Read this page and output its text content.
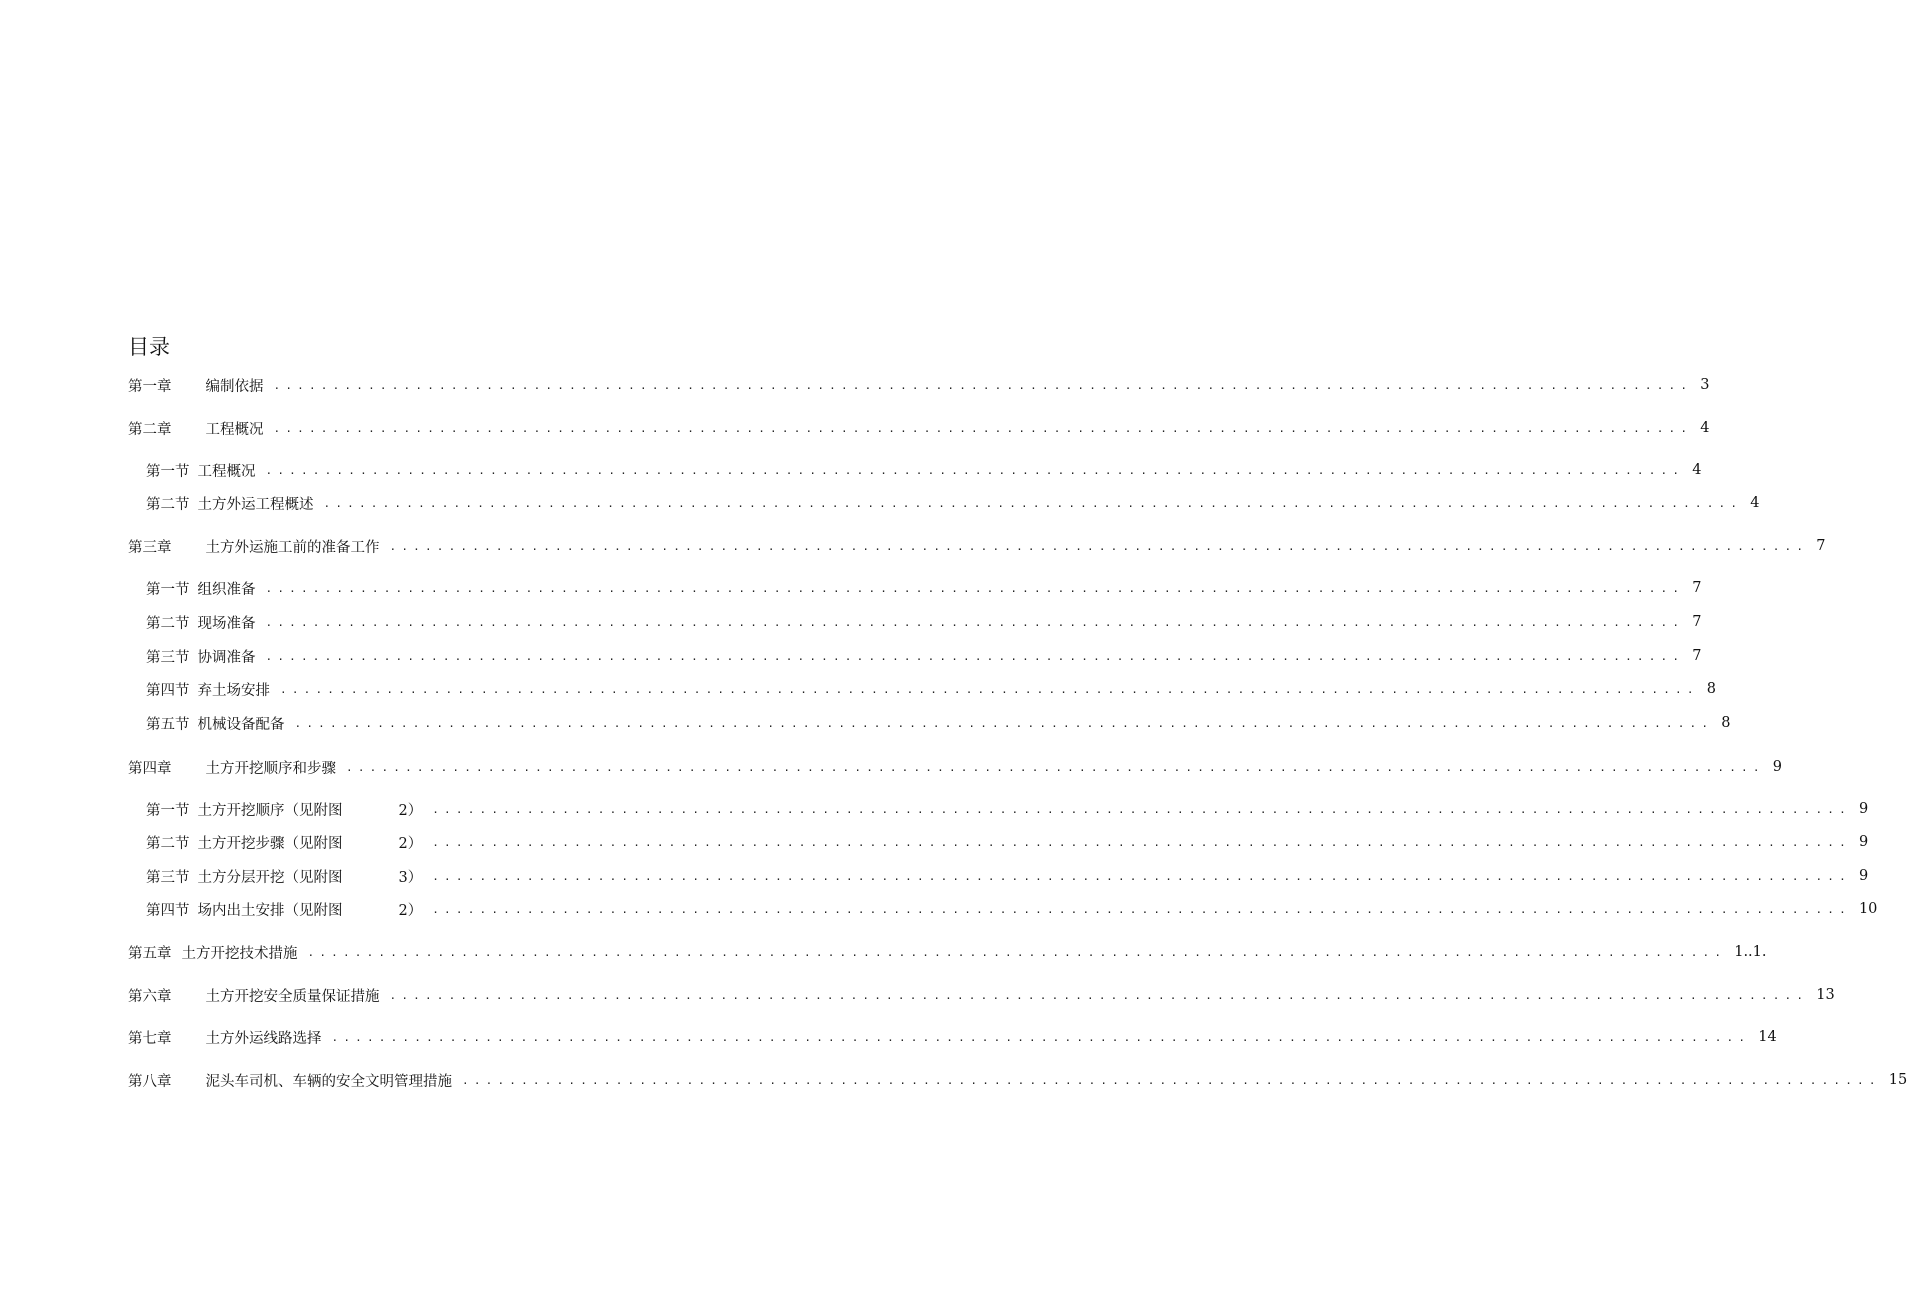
目录
第一章 编制依据 ........................................................................................................................ 3
第二章 工程概况 ........................................................................................................................ 4
第一节 工程概况 ........................................................................................................................ 4
第二节 土方外运工程概述 ........................................................................................................................ 4
第三章 土方外运施工前的准备工作 ........................................................................................................................ 7
第一节 组织准备 ........................................................................................................................ 7
第二节 现场准备 ........................................................................................................................ 7
第三节 协调准备 ........................................................................................................................ 7
第四节 弃土场安排 ........................................................................................................................ 8
第五节 机械设备配备 ........................................................................................................................ 8
第四章 土方开挖顺序和步骤 ........................................................................................................................ 9
第一节 土方开挖顺序（见附图	2） ........................................................................................................................ 9
第二节 土方开挖步骤（见附图	2） ........................................................................................................................ 9
第三节 土方分层开挖（见附图	3） ........................................................................................................................ 9
第四节 场内出土安排（见附图	2） ........................................................................................................................ 10
第五章 土方开挖技术措施 ........................................................................................................................ 1..1.
第六章 土方开挖安全质量保证措施 ........................................................................................................................ 13
第七章 土方外运线路选择 ........................................................................................................................ 14
第八章 泥头车司机、车辆的安全文明管理措施 ........................................................................................................................ 15
